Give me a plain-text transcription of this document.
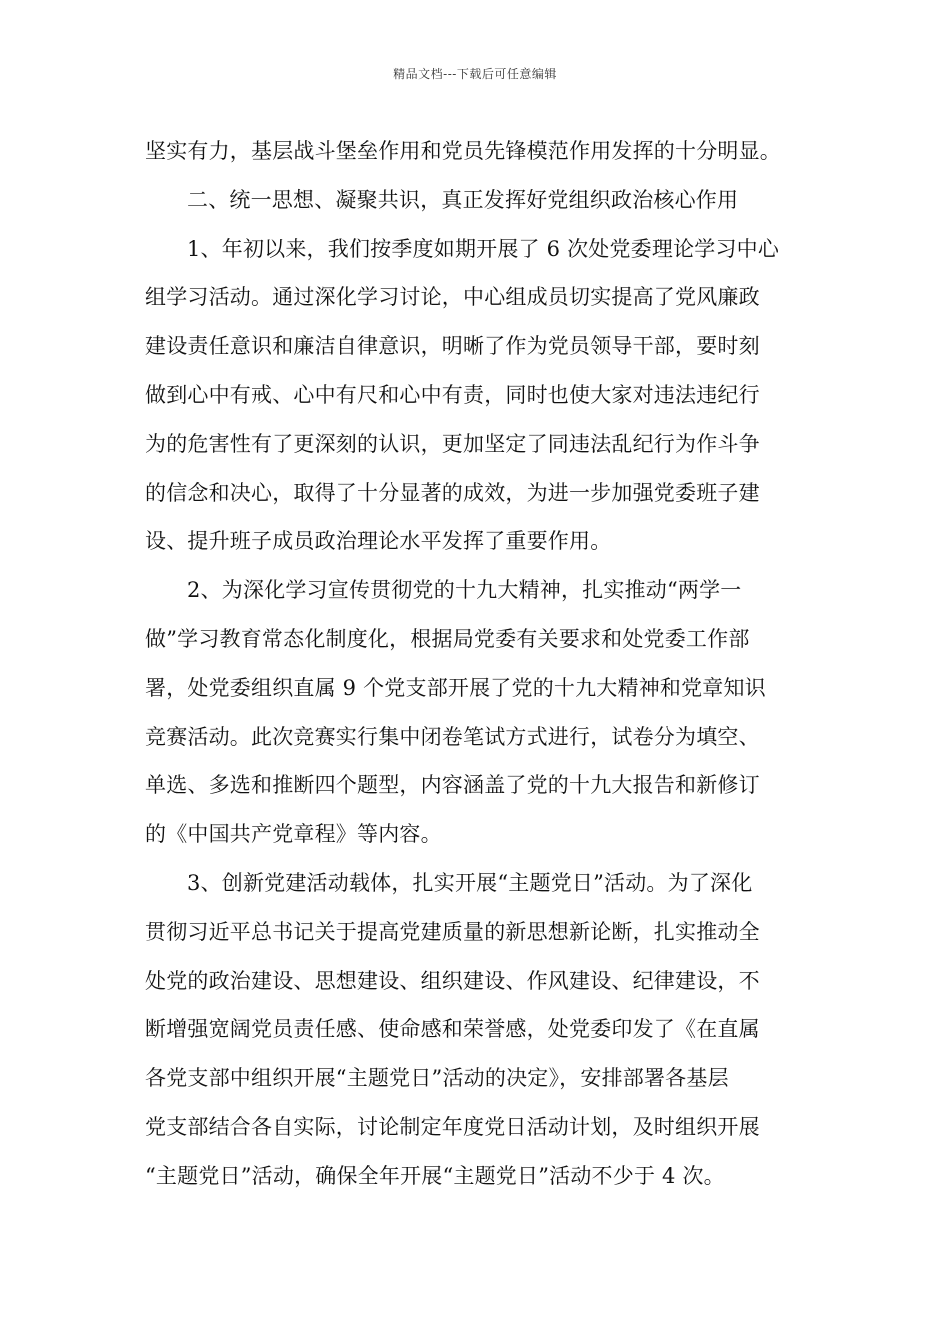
精品文档---下载后可任意编辑
坚实有力，基层战斗堡垒作用和党员先锋模范作用发挥的十分明显。
二、统一思想、凝聚共识，真正发挥好党组织政治核心作用
1、年初以来，我们按季度如期开展了 6 次处党委理论学习中心
组学习活动。通过深化学习讨论，中心组成员切实提高了党风廉政
建设责任意识和廉洁自律意识，明晰了作为党员领导干部，要时刻
做到心中有戒、心中有尺和心中有责，同时也使大家对违法违纪行
为的危害性有了更深刻的认识，更加坚定了同违法乱纪行为作斗争
的信念和决心，取得了十分显著的成效，为进一步加强党委班子建
设、提升班子成员政治理论水平发挥了重要作用。
2、为深化学习宣传贯彻党的十九大精神，扎实推动“两学一
做”学习教育常态化制度化，根据局党委有关要求和处党委工作部
署，处党委组织直属 9 个党支部开展了党的十九大精神和党章知识
竞赛活动。此次竞赛实行集中闭卷笔试方式进行，试卷分为填空、
单选、多选和推断四个题型，内容涵盖了党的十九大报告和新修订
的《中国共产党章程》等内容。
3、创新党建活动载体，扎实开展“主题党日”活动。为了深化
贯彻习近平总书记关于提高党建质量的新思想新论断，扎实推动全
处党的政治建设、思想建设、组织建设、作风建设、纪律建设，不
断增强宽阔党员责任感、使命感和荣誉感，处党委印发了《在直属
各党支部中组织开展“主题党日”活动的决定》，安排部署各基层
党支部结合各自实际，讨论制定年度党日活动计划，及时组织开展
“主题党日”活动，确保全年开展“主题党日”活动不少于 4 次。
